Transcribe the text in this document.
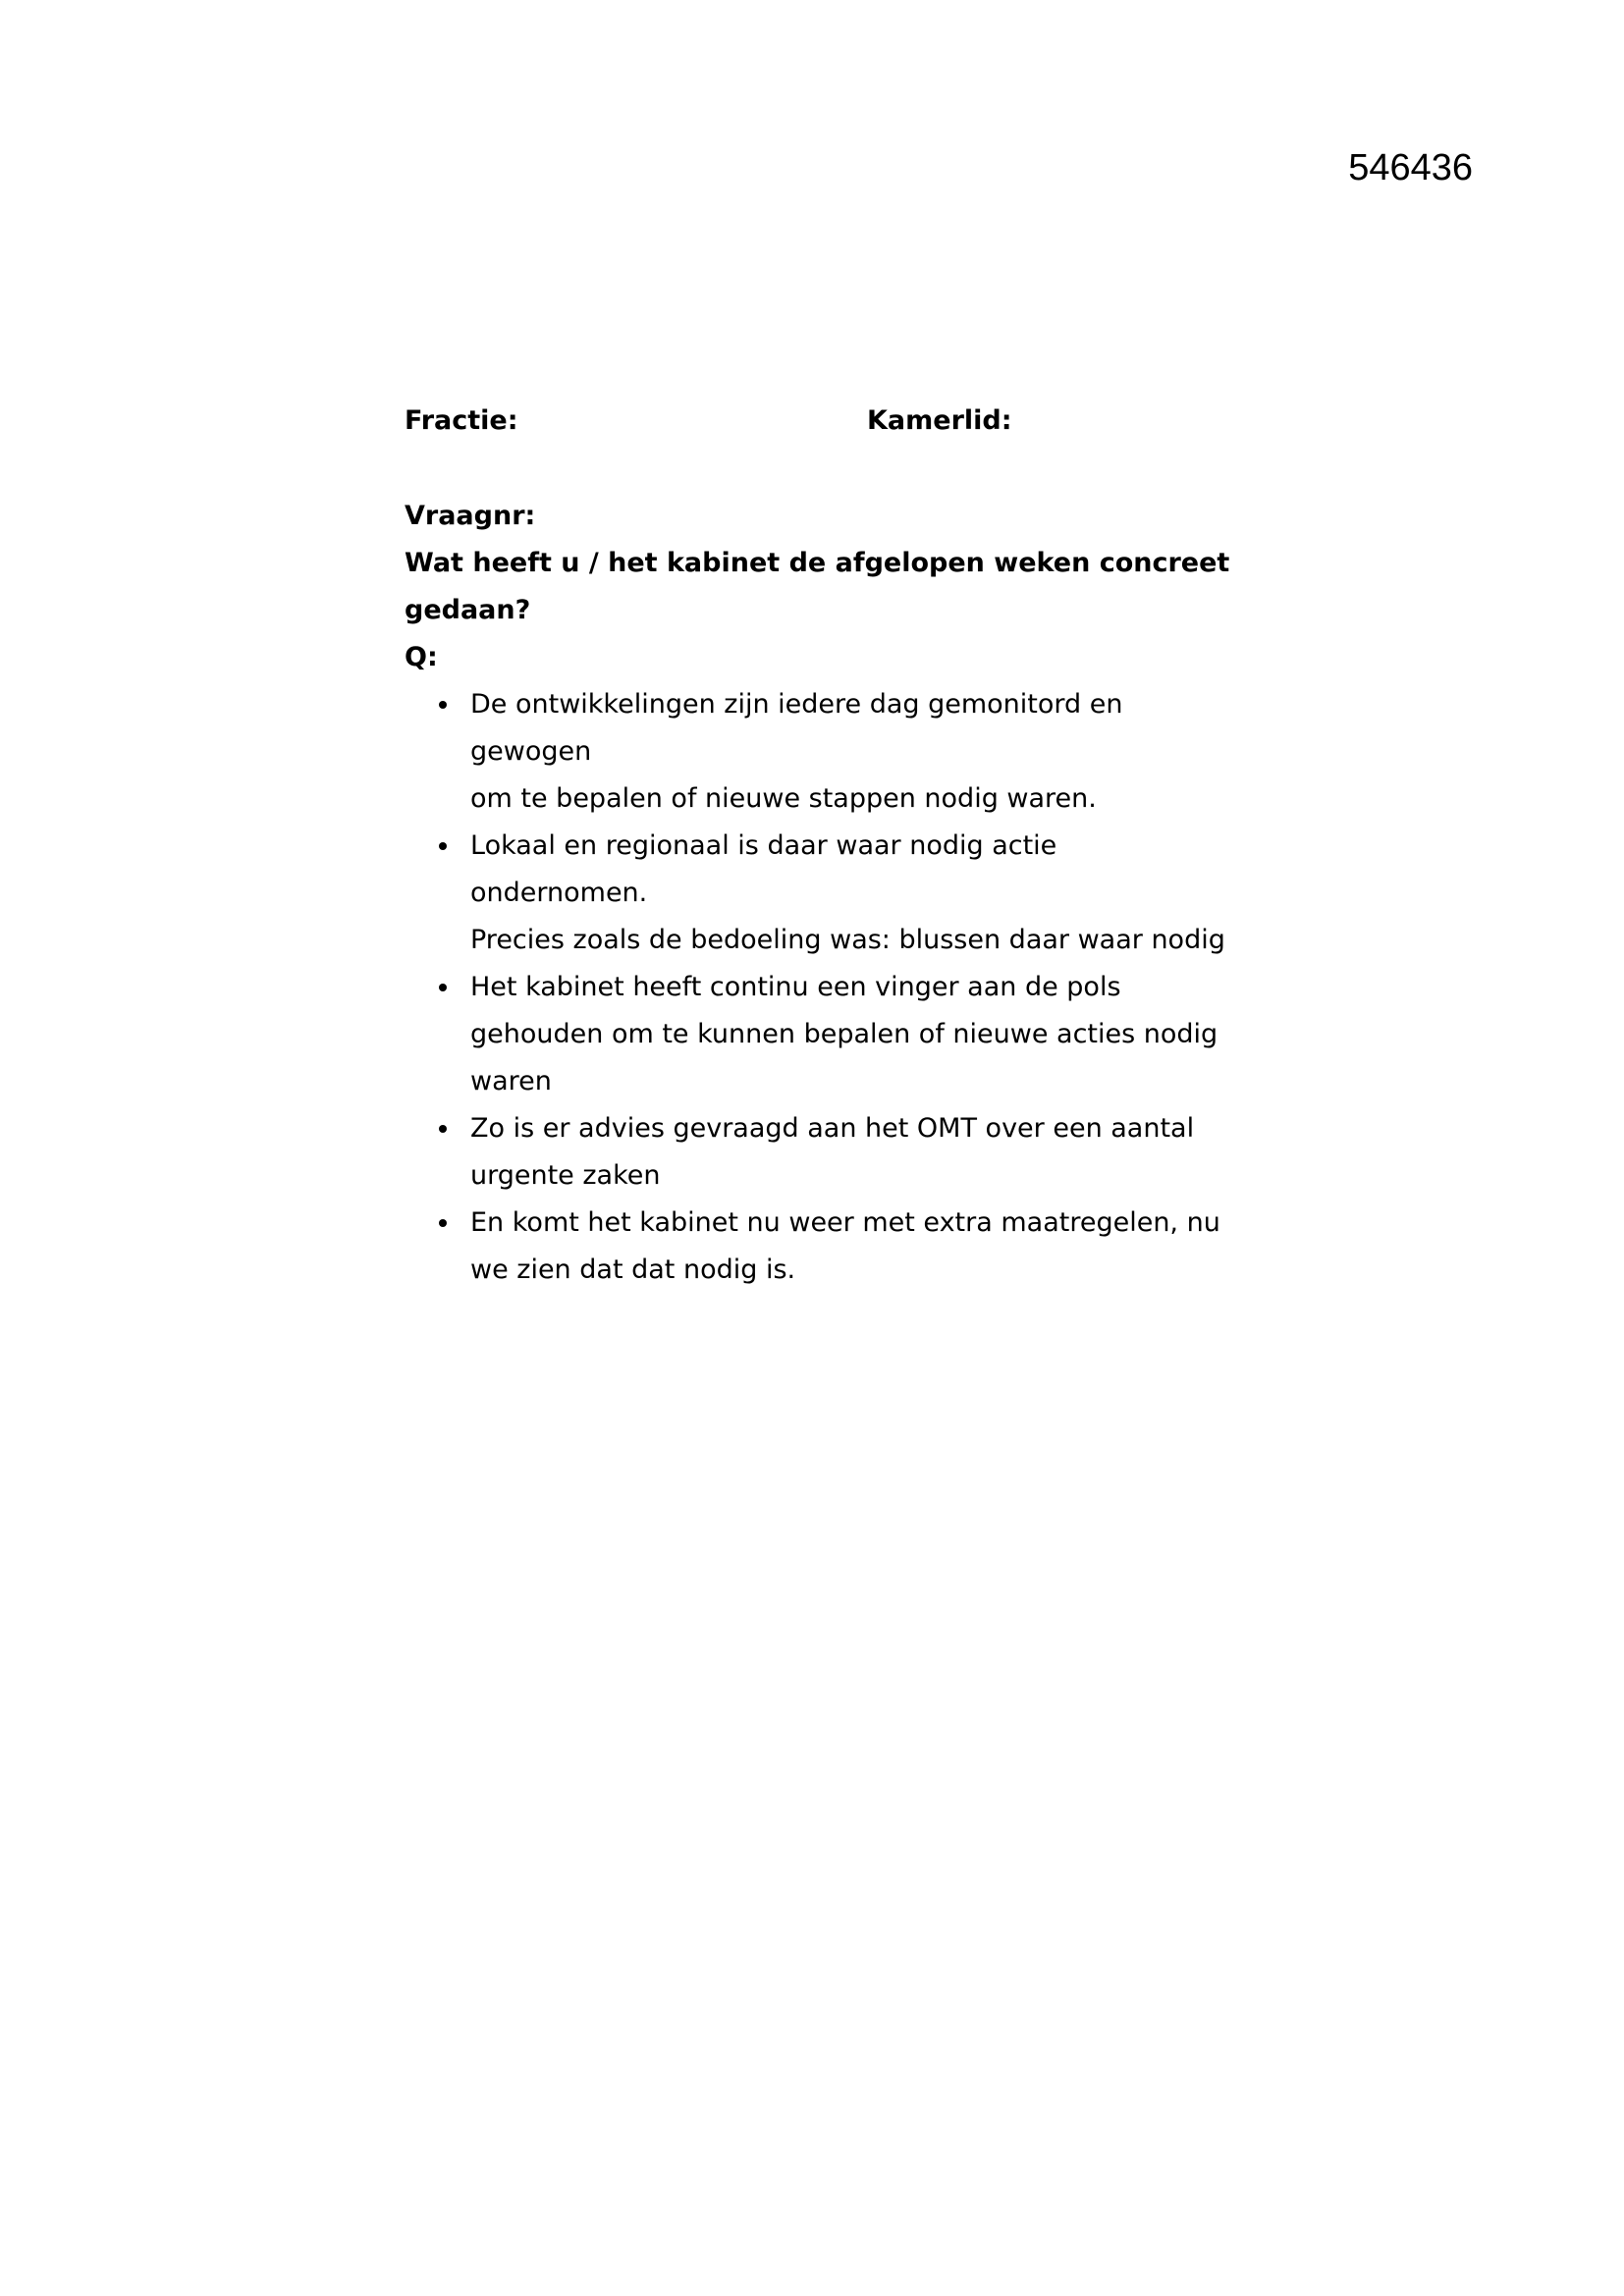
546436

Fractie:	Kamerlid:

Vraagnr:

Wat heeft u / het kabinet de afgelopen weken concreet
gedaan?

Q:

De ontwikkelingen zijn iedere dag gemonitord en gewogen
om te bepalen of nieuwe stappen nodig waren.
Lokaal en regionaal is daar waar nodig actie ondernomen.
Precies zoals de bedoeling was: blussen daar waar nodig
Het kabinet heeft continu een vinger aan de pols
gehouden om te kunnen bepalen of nieuwe acties nodig
waren
Zo is er advies gevraagd aan het OMT over een aantal
urgente zaken
En komt het kabinet nu weer met extra maatregelen, nu
we zien dat dat nodig is.
